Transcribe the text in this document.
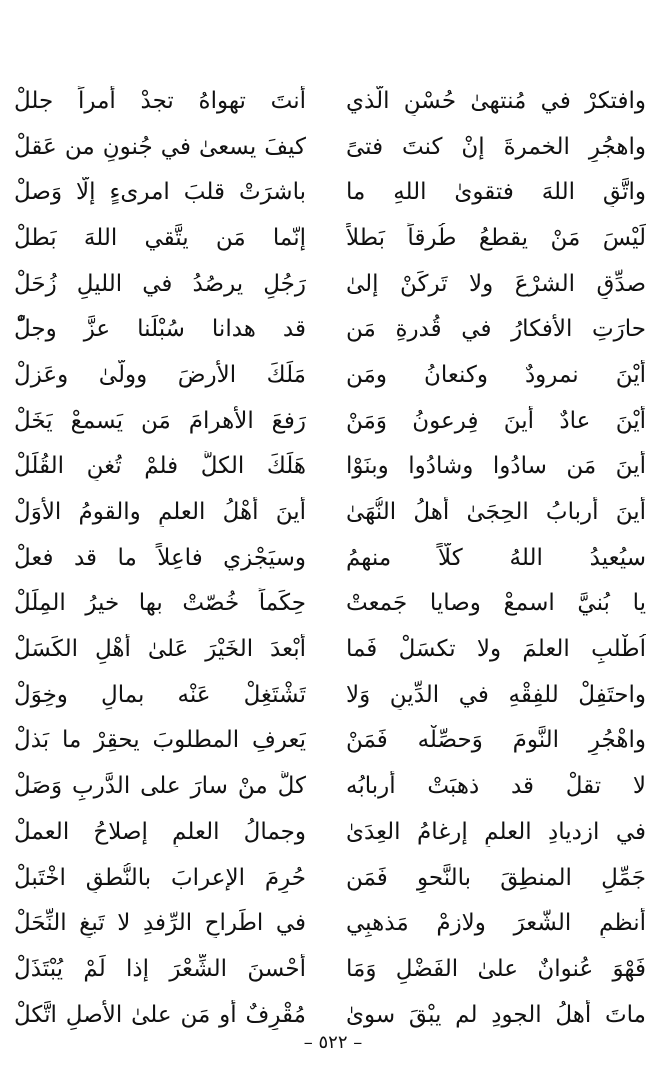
وافتكرْ في مُنتهىٰ حُسْنِ الّذي
أنتَ تهواهُ تجدْ أمراً جللْ
واهجُرِ الخمرةَ إنْ كنتَ فتىً
كيفَ يسعىٰ في جُنونٍ من عَقلْ
واتَّقِ اللهَ فتقوىٰ اللهِ ما
باشرَتْ قلبَ امرىءٍ إلّا وَصلْ
لَيْسَ مَنْ يقطعُ طُرقاً بَطلاً
إنّما مَن يتَّقي اللهَ بَطلْ
صدِّقِ الشرْعَ ولا تَركَنْ إلىٰ
رَجُلٍ يرصُدُ في الليلِ زُحَلْ
حارَتِ الأفكارُ في قُدرةِ مَن
قد هدانا سُبْلَنا عزَّ وجلّْ
أيْنَ نمرودٌ وكنعانُ ومَن
مَلَكَ الأرضَ وولّىٰ وعَزلْ
أيْنَ عادٌ أينَ فِرعونُ وَمَنْ
رَفعَ الأهرامَ مَن يَسمعْ يَخَلْ
أينَ مَن سادُوا وشادُوا وبنَوْا
هَلَكَ الكلُّ فلمْ تُغنِ القُلَلْ
أينَ أربابُ الحِجَىٰ أهلُ النُّهَىٰ
أينَ أهْلُ العلمِ والقومُ الأوَلْ
سيُعيدُ اللهُ كلّاً منهمُ
وسيَجْزي فاعِلاً ما قد فعلْ
يا بُنيَّ اسمعْ وصايا جَمعتْ
حِكَماً خُصّتْ بها خيرُ المِلَلْ
اُطْلبِ العلمَ ولا تكسَلْ فَما
أبْعدَ الخَيْرَ عَلىٰ أهْلِ الكَسَلْ
واحتَفِلْ للفِقْهِ في الدِّينِ وَلا
تَشْتَغِلْ عَنْه بمالٍ وخِوَلْ
واهْجُرِ النَّومَ وَحصِّلْه فَمَنْ
يَعرفِ المطلوبَ يحقِرْ ما بَذلْ
لا تقلْ قد ذهبَتْ أربابُه
كلُّ منْ سارَ على الدَّربِ وَصَلْ
في ازديادِ العلمِ إرغامُ العِدَىٰ
وجمالُ العلمِ إصلاحُ العملْ
جَمِّلِ المنطِقَ بالنَّحوِ فَمَن
حُرِمَ الإعرابَ بالنُّطقِ اخْتَبلْ
أُنظمِ الشّعرَ ولازمْ مَذهبِي
في اطِّراحِ الرِّفدِ لا تَبغِ النِّحَلْ
فَهْوَ عُنوانٌ علىٰ الفَضْلِ وَمَا
أحْسنَ الشِّعْرَ إذا لَمْ يُبْتَذَلْ
ماتَ أهلُ الجودِ لم يبْقَ سوىٰ
مُقْرِفٌ أو مَن علىٰ الأصلِ اتَّكلْ
– ٥٢٢ –
